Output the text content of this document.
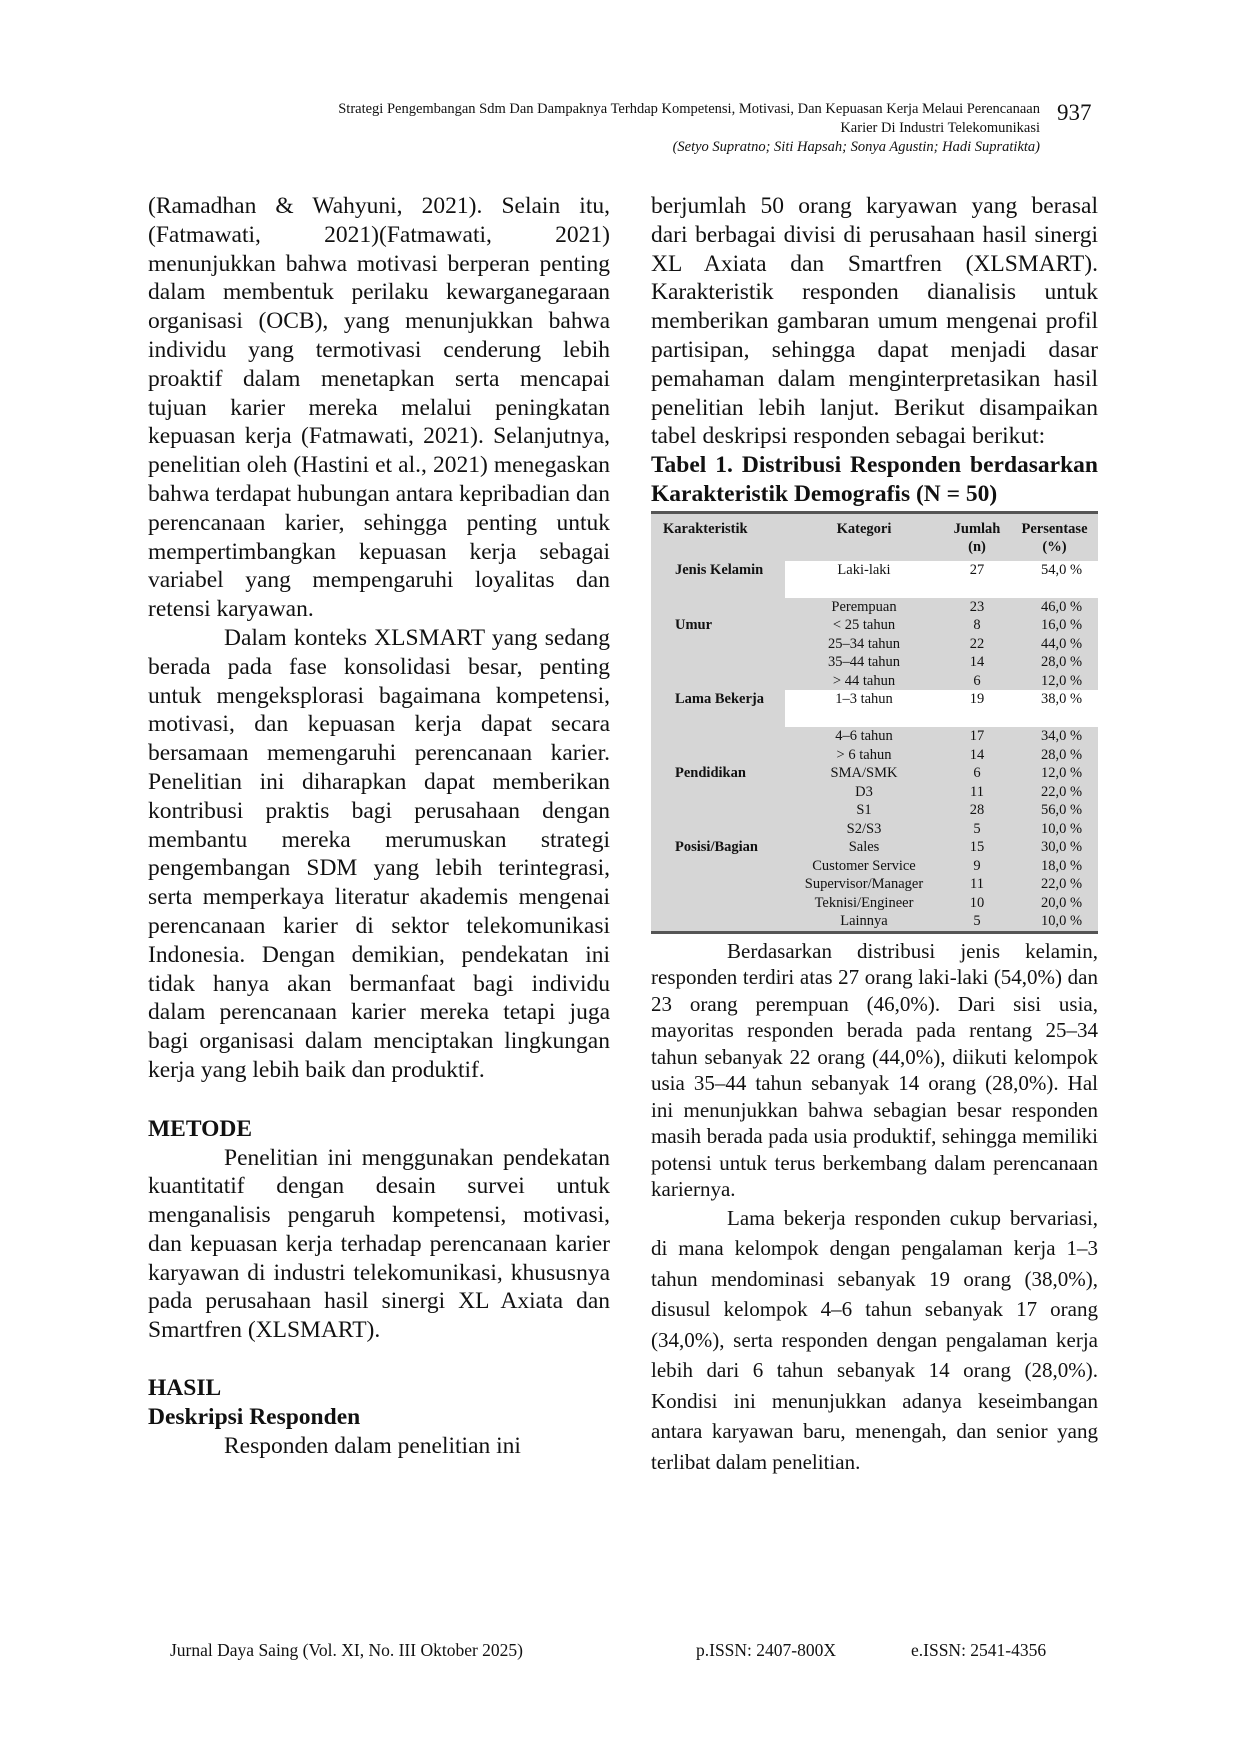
Strategi Pengembangan Sdm Dan Dampaknya Terhdap Kompetensi, Motivasi, Dan Kepuasan Kerja Melaui Perencanaan
Karier Di Industri Telekomunikasi
(Setyo Supratno; Siti Hapsah; Sonya Agustin; Hadi Supratikta)
937

(Ramadhan & Wahyuni, 2021). Selain itu, (Fatmawati, 2021)(Fatmawati, 2021) menunjukkan bahwa motivasi berperan penting dalam membentuk perilaku kewarganegaraan organisasi (OCB), yang menunjukkan bahwa individu yang termotivasi cenderung lebih proaktif dalam menetapkan serta mencapai tujuan karier mereka melalui peningkatan kepuasan kerja (Fatmawati, 2021). Selanjutnya, penelitian oleh (Hastini et al., 2021) menegaskan bahwa terdapat hubungan antara kepribadian dan perencanaan karier, sehingga penting untuk mempertimbangkan kepuasan kerja sebagai variabel yang mempengaruhi loyalitas dan retensi karyawan.

Dalam konteks XLSMART yang sedang berada pada fase konsolidasi besar, penting untuk mengeksplorasi bagaimana kompetensi, motivasi, dan kepuasan kerja dapat secara bersamaan memengaruhi perencanaan karier. Penelitian ini diharapkan dapat memberikan kontribusi praktis bagi perusahaan dengan membantu mereka merumuskan strategi pengembangan SDM yang lebih terintegrasi, serta memperkaya literatur akademis mengenai perencanaan karier di sektor telekomunikasi Indonesia. Dengan demikian, pendekatan ini tidak hanya akan bermanfaat bagi individu dalam perencanaan karier mereka tetapi juga bagi organisasi dalam menciptakan lingkungan kerja yang lebih baik dan produktif.

METODE

Penelitian ini menggunakan pendekatan kuantitatif dengan desain survei untuk menganalisis pengaruh kompetensi, motivasi, dan kepuasan kerja terhadap perencanaan karier karyawan di industri telekomunikasi, khususnya pada perusahaan hasil sinergi XL Axiata dan Smartfren (XLSMART).

HASIL
Deskripsi Responden

Responden dalam penelitian ini

berjumlah 50 orang karyawan yang berasal dari berbagai divisi di perusahaan hasil sinergi XL Axiata dan Smartfren (XLSMART). Karakteristik responden dianalisis untuk memberikan gambaran umum mengenai profil partisipan, sehingga dapat menjadi dasar pemahaman dalam menginterpretasikan hasil penelitian lebih lanjut. Berikut disampaikan tabel deskripsi responden sebagai berikut:

Tabel 1. Distribusi Responden berdasarkan Karakteristik Demografis (N = 50)
Karakteristik	Kategori	Jumlah (n)	Persentase (%)
Jenis Kelamin	Laki-laki	27	54,0 %
	Perempuan	23	46,0 %
Umur	< 25 tahun	8	16,0 %
	25–34 tahun	22	44,0 %
	35–44 tahun	14	28,0 %
	> 44 tahun	6	12,0 %
Lama Bekerja	1–3 tahun	19	38,0 %
	4–6 tahun	17	34,0 %
	> 6 tahun	14	28,0 %
Pendidikan	SMA/SMK	6	12,0 %
	D3	11	22,0 %
	S1	28	56,0 %
	S2/S3	5	10,0 %
Posisi/Bagian	Sales	15	30,0 %
	Customer Service	9	18,0 %
	Supervisor/Manager	11	22,0 %
	Teknisi/Engineer	10	20,0 %
	Lainnya	5	10,0 %

Berdasarkan distribusi jenis kelamin, responden terdiri atas 27 orang laki-laki (54,0%) dan 23 orang perempuan (46,0%). Dari sisi usia, mayoritas responden berada pada rentang 25–34 tahun sebanyak 22 orang (44,0%), diikuti kelompok usia 35–44 tahun sebanyak 14 orang (28,0%). Hal ini menunjukkan bahwa sebagian besar responden masih berada pada usia produktif, sehingga memiliki potensi untuk terus berkembang dalam perencanaan kariernya.

Lama bekerja responden cukup bervariasi, di mana kelompok dengan pengalaman kerja 1–3 tahun mendominasi sebanyak 19 orang (38,0%), disusul kelompok 4–6 tahun sebanyak 17 orang (34,0%), serta responden dengan pengalaman kerja lebih dari 6 tahun sebanyak 14 orang (28,0%). Kondisi ini menunjukkan adanya keseimbangan antara karyawan baru, menengah, dan senior yang terlibat dalam penelitian.

Jurnal Daya Saing (Vol. XI, No. III Oktober 2025)	p.ISSN: 2407-800X	e.ISSN: 2541-4356
